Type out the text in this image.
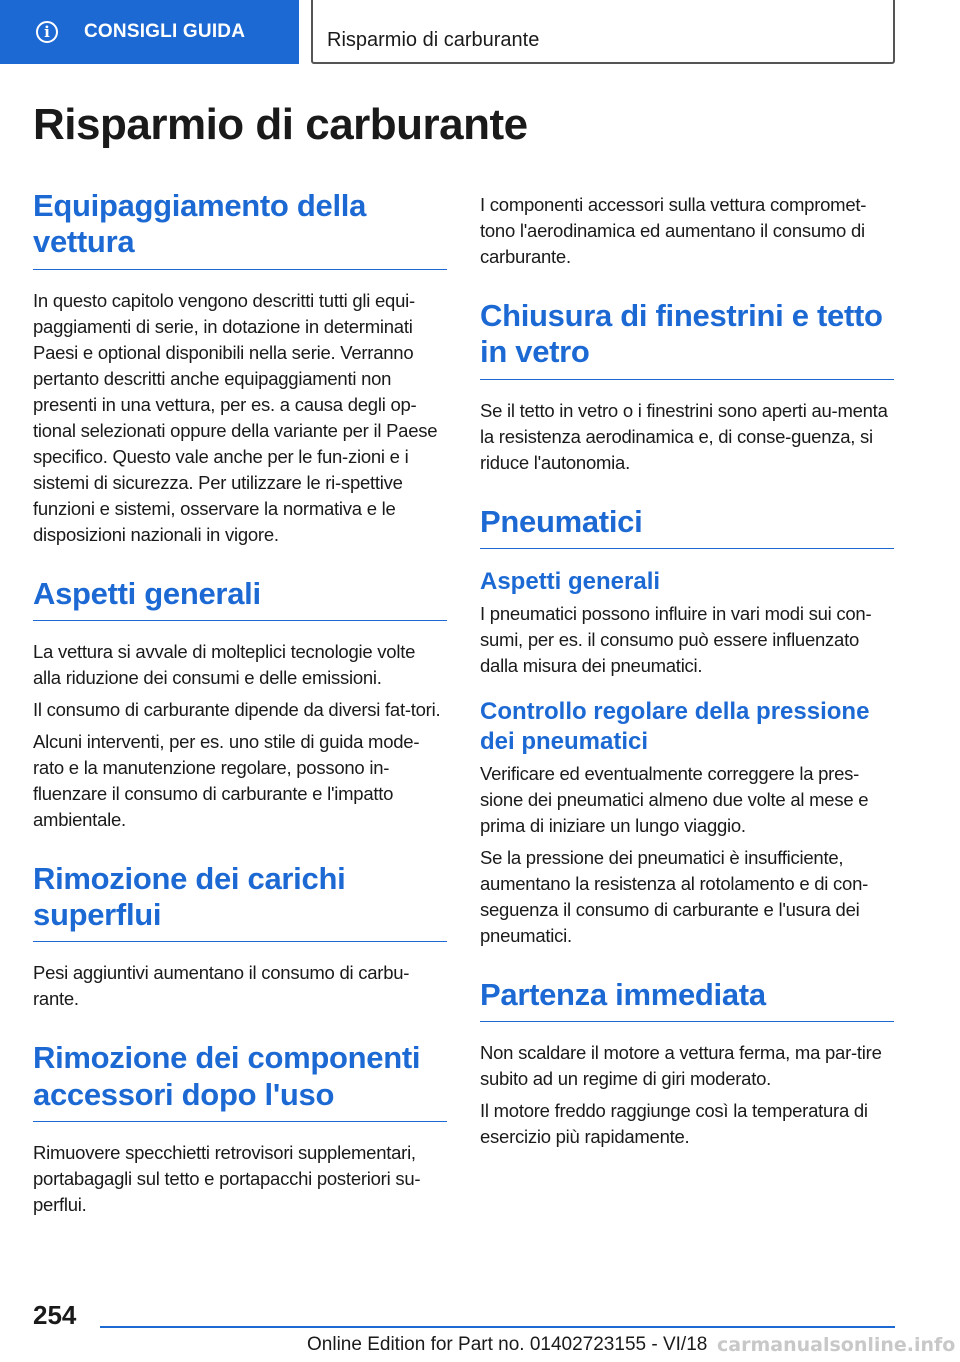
i	CONSIGLI GUIDA	Risparmio di carburante
Risparmio di carburante
Equipaggiamento della vettura

In questo capitolo vengono descritti tutti gli equi-paggiamenti di serie, in dotazione in determinati Paesi e optional disponibili nella serie. Verranno pertanto descritti anche equipaggiamenti non presenti in una vettura, per es. a causa degli op-tional selezionati oppure della variante per il Paese specifico. Questo vale anche per le fun-zioni e i sistemi di sicurezza. Per utilizzare le ri-spettive funzioni e sistemi, osservare la normativa e le disposizioni nazionali in vigore.

Aspetti generali

La vettura si avvale di molteplici tecnologie volte alla riduzione dei consumi e delle emissioni.

Il consumo di carburante dipende da diversi fat-tori.

Alcuni interventi, per es. uno stile di guida mode-rato e la manutenzione regolare, possono in-fluenzare il consumo di carburante e l'impatto ambientale.

Rimozione dei carichi superflui

Pesi aggiuntivi aumentano il consumo di carbu-rante.

Rimozione dei componenti accessori dopo l'uso

Rimuovere specchietti retrovisori supplementari, portabagagli sul tetto e portapacchi posteriori su-perflui.

I componenti accessori sulla vettura compromet-tono l'aerodinamica ed aumentano il consumo di carburante.

Chiusura di finestrini e tetto in vetro

Se il tetto in vetro o i finestrini sono aperti au-menta la resistenza aerodinamica e, di conse-guenza, si riduce l'autonomia.

Pneumatici
Aspetti generali

I pneumatici possono influire in vari modi sui con-sumi, per es. il consumo può essere influenzato dalla misura dei pneumatici.

Controllo regolare della pressione dei pneumatici

Verificare ed eventualmente correggere la pres-sione dei pneumatici almeno due volte al mese e prima di iniziare un lungo viaggio.

Se la pressione dei pneumatici è insufficiente, aumentano la resistenza al rotolamento e di con-seguenza il consumo di carburante e l'usura dei pneumatici.

Partenza immediata

Non scaldare il motore a vettura ferma, ma par-tire subito ad un regime di giri moderato.

Il motore freddo raggiunge così la temperatura di esercizio più rapidamente.

254
Online Edition for Part no. 01402723155 - VI/18 carmanualsonline.info
